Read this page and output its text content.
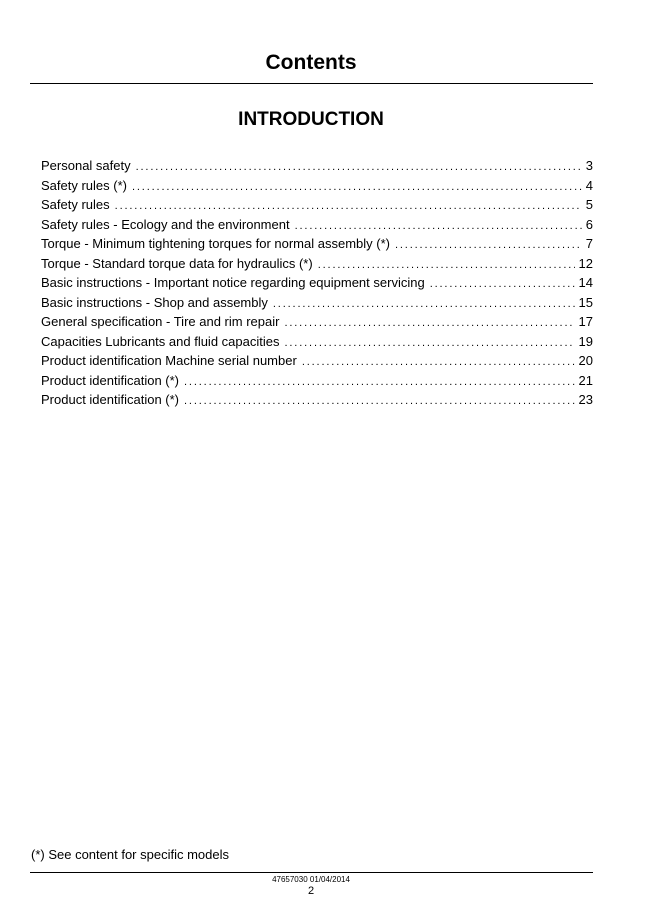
Contents
INTRODUCTION
Personal safety . . .	3
Safety rules (*) . . .	4
Safety rules . . .	5
Safety rules - Ecology and the environment . . .	6
Torque - Minimum tightening torques for normal assembly (*) . . .	7
Torque - Standard torque data for hydraulics (*) . . .	12
Basic instructions - Important notice regarding equipment servicing . . .	14
Basic instructions - Shop and assembly . . .	15
General specification - Tire and rim repair . . .	17
Capacities Lubricants and fluid capacities . . .	19
Product identification Machine serial number . . .	20
Product identification (*) . . .	21
Product identification (*) . . .	23
(*) See content for specific models
47657030 01/04/2014
2
